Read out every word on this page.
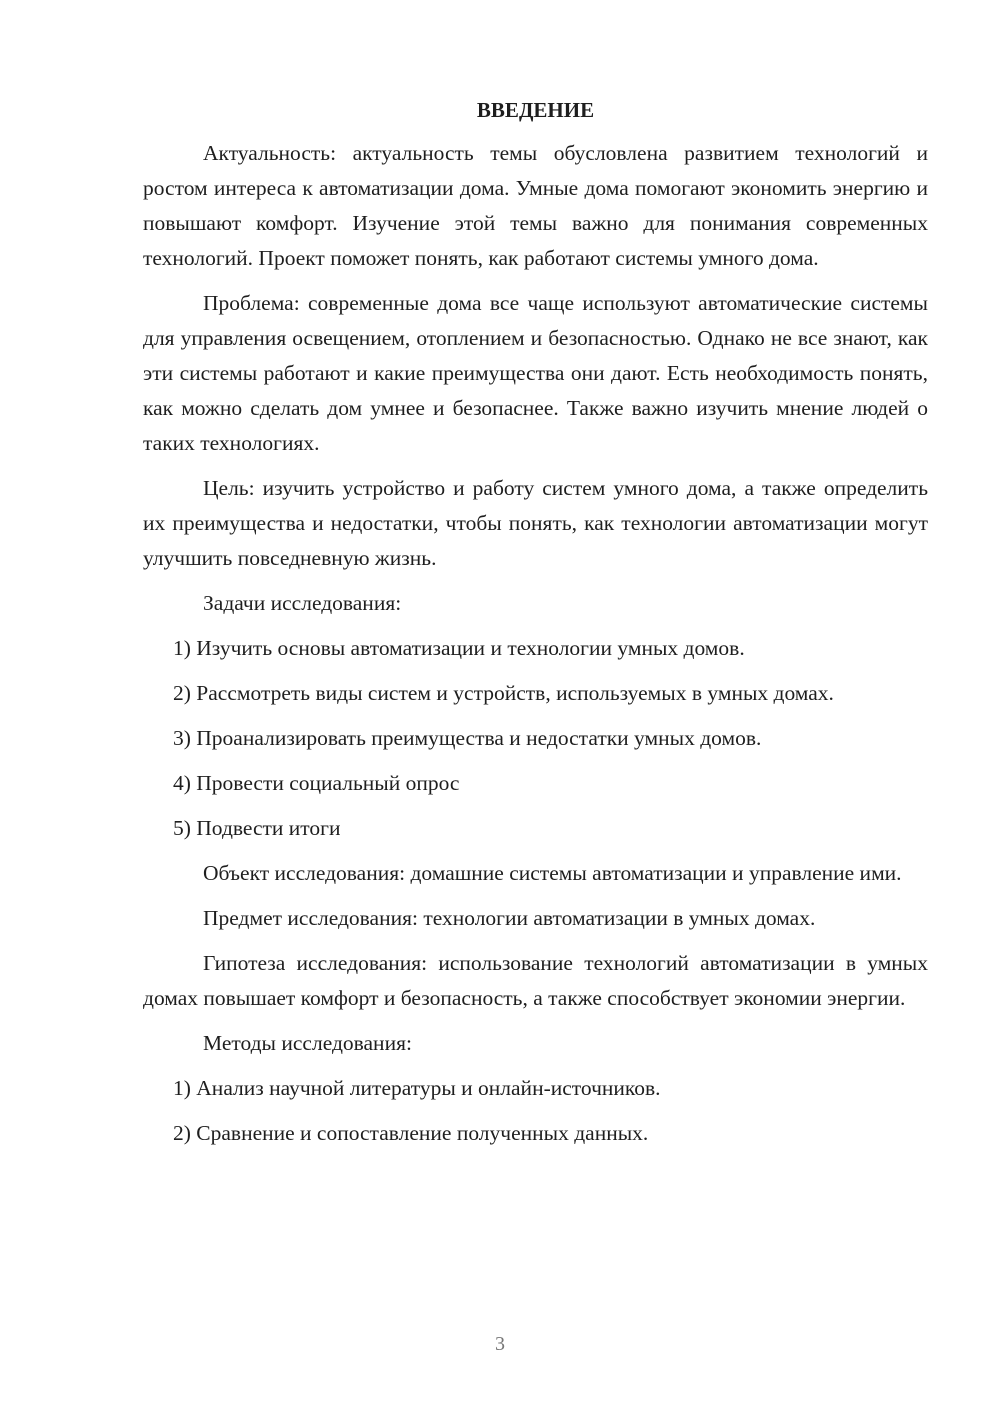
ВВЕДЕНИЕ

Актуальность: актуальность темы обусловлена развитием технологий и ростом интереса к автоматизации дома. Умные дома помогают экономить энергию и повышают комфорт. Изучение этой темы важно для понимания современных технологий. Проект поможет понять, как работают системы умного дома.

Проблема: современные дома все чаще используют автоматические системы для управления освещением, отоплением и безопасностью. Однако не все знают, как эти системы работают и какие преимущества они дают. Есть необходимость понять, как можно сделать дом умнее и безопаснее. Также важно изучить мнение людей о таких технологиях.

Цель: изучить устройство и работу систем умного дома, а также определить их преимущества и недостатки, чтобы понять, как технологии автоматизации могут улучшить повседневную жизнь.

Задачи исследования:

1) Изучить основы автоматизации и технологии умных домов.

2) Рассмотреть виды систем и устройств, используемых в умных домах.

3) Проанализировать преимущества и недостатки умных домов.

4) Провести социальный опрос

5) Подвести итоги

Объект исследования: домашние системы автоматизации и управление ими.

Предмет исследования: технологии автоматизации в умных домах.

Гипотеза исследования: использование технологий автоматизации в умных домах повышает комфорт и безопасность, а также способствует экономии энергии.

Методы исследования:

1) Анализ научной литературы и онлайн-источников.

2) Сравнение и сопоставление полученных данных.

3
